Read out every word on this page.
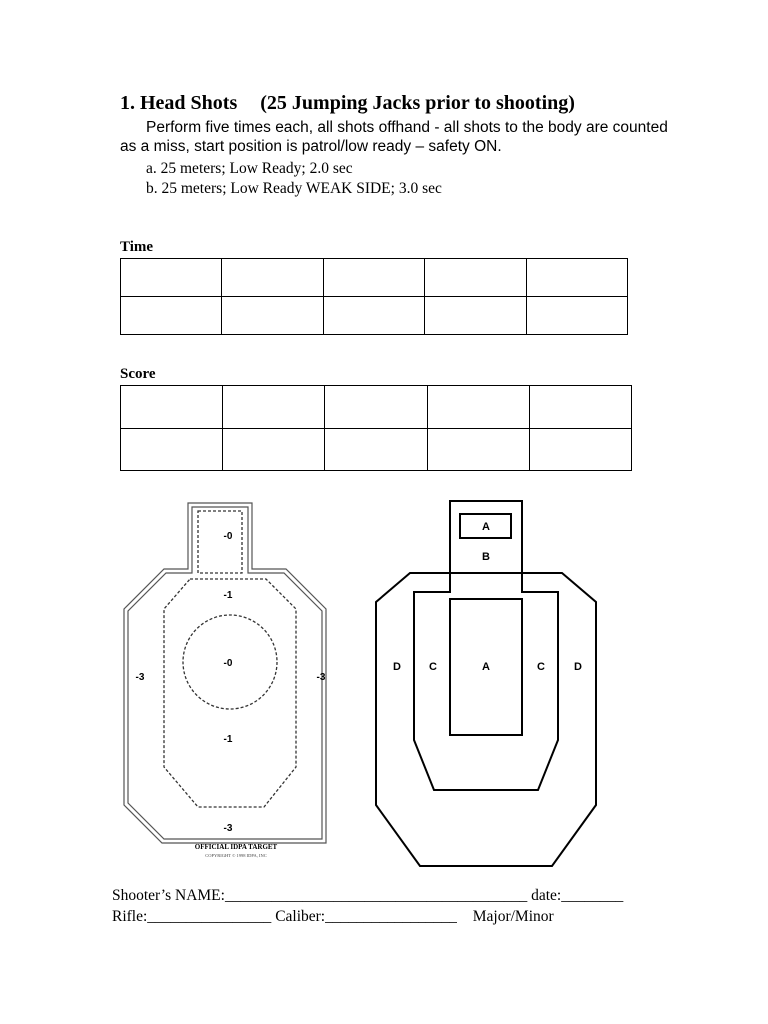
1. Head Shots (25 Jumping Jacks prior to shooting)
Perform five times each, all shots offhand - all shots to the body are counted
as a miss, start position is patrol/low ready – safety ON.
a. 25 meters; Low Ready; 2.0 sec
b. 25 meters; Low Ready WEAK SIDE; 3.0 sec
Time

Score

-0
-1
-0
-1
-3	-3
-3
OFFICIAL IDPA TARGET
COPYRIGHT © 1998 IDPA, INC
A
B
D	C	A	C	D
Shooter’s NAME:_______________________________________ date:________
Rifle:________________ Caliber:_________________ Major/Minor
